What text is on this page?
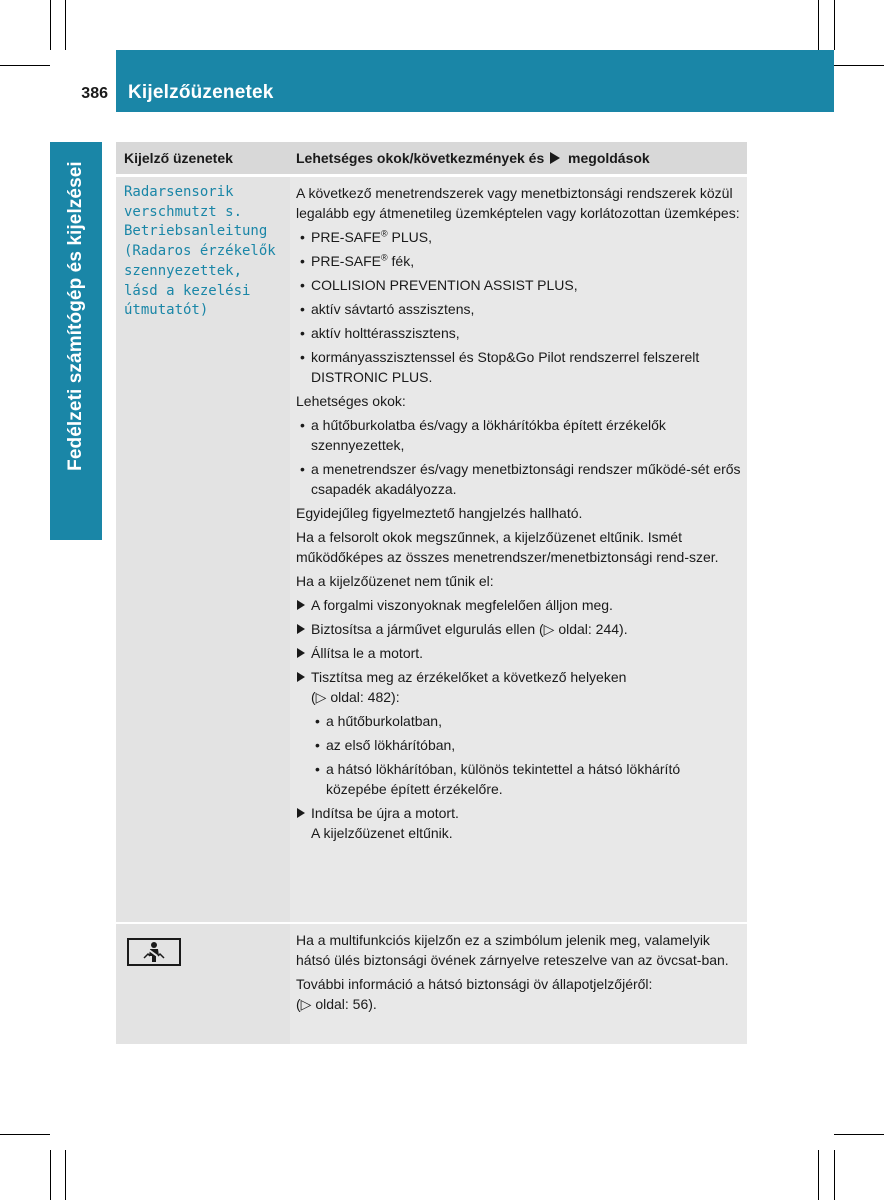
386 Kijelzőüzenetek
Fedélzeti számítógép és kijelzései
Kijelző üzenetek	Lehetséges okok/következmények és megoldások
Radarsensorik
verschmutzt s.
Betriebsanleitung
(Radaros érzékelők
szennyezettek,
lásd a kezelési
útmutatót)

A következő menetrendszerek vagy menetbiztonsági rendszerek közül legalább egy átmenetileg üzemképtelen vagy korlátozottan üzemképes:

• PRE-SAFE® PLUS,
• PRE-SAFE® fék,
• COLLISION PREVENTION ASSIST PLUS,
• aktív sávtartó asszisztens,
• aktív holttérasszisztens,
• kormányasszisztenssel és Stop&Go Pilot rendszerrel felszerelt DISTRONIC PLUS.

Lehetséges okok:

• a hűtőburkolatba és/vagy a lökhárítókba épített érzékelők szennyezettek,
• a menetrendszer és/vagy menetbiztonsági rendszer működé-sét erős csapadék akadályozza.

Egyidejűleg figyelmeztető hangjelzés hallható.

Ha a felsorolt okok megszűnnek, a kijelzőüzenet eltűnik. Ismét működőképes az összes menetrendszer/menetbiztonsági rend-szer.

Ha a kijelzőüzenet nem tűnik el:

A forgalmi viszonyoknak megfelelően álljon meg.
Biztosítsa a járművet elgurulás ellen (▷ oldal: 244).
Állítsa le a motort.
Tisztítsa meg az érzékelőket a következő helyeken
(▷ oldal: 482):
• a hűtőburkolatban,
• az első lökhárítóban,
• a hátsó lökhárítóban, különös tekintettel a hátsó lökhárító közepébe épített érzékelőre.
Indítsa be újra a motort.
A kijelzőüzenet eltűnik.

Ha a multifunkciós kijelzőn ez a szimbólum jelenik meg, valamelyik hátsó ülés biztonsági övének zárnyelve reteszelve van az övcsat-ban.

További információ a hátsó biztonsági öv állapotjelzőjéről:
(▷ oldal: 56).
